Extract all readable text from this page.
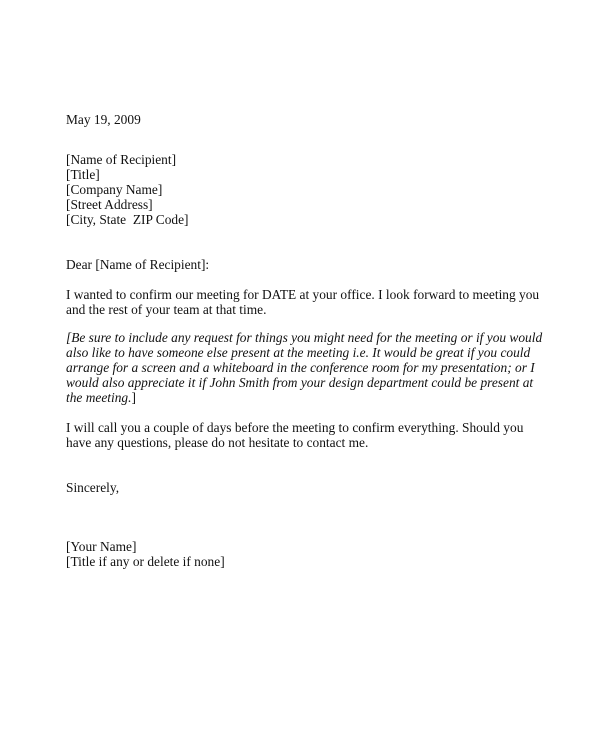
May 19, 2009
[Name of Recipient]
[Title]
[Company Name]
[Street Address]
[City, State  ZIP Code]
Dear [Name of Recipient]:
I wanted to confirm our meeting for DATE at your office. I look forward to meeting you
and the rest of your team at that time.
[Be sure to include any request for things you might need for the meeting or if you would
also like to have someone else present at the meeting i.e. It would be great if you could
arrange for a screen and a whiteboard in the conference room for my presentation; or I
would also appreciate it if John Smith from your design department could be present at
the meeting.]
I will call you a couple of days before the meeting to confirm everything. Should you
have any questions, please do not hesitate to contact me.
Sincerely,
[Your Name]
[Title if any or delete if none]
